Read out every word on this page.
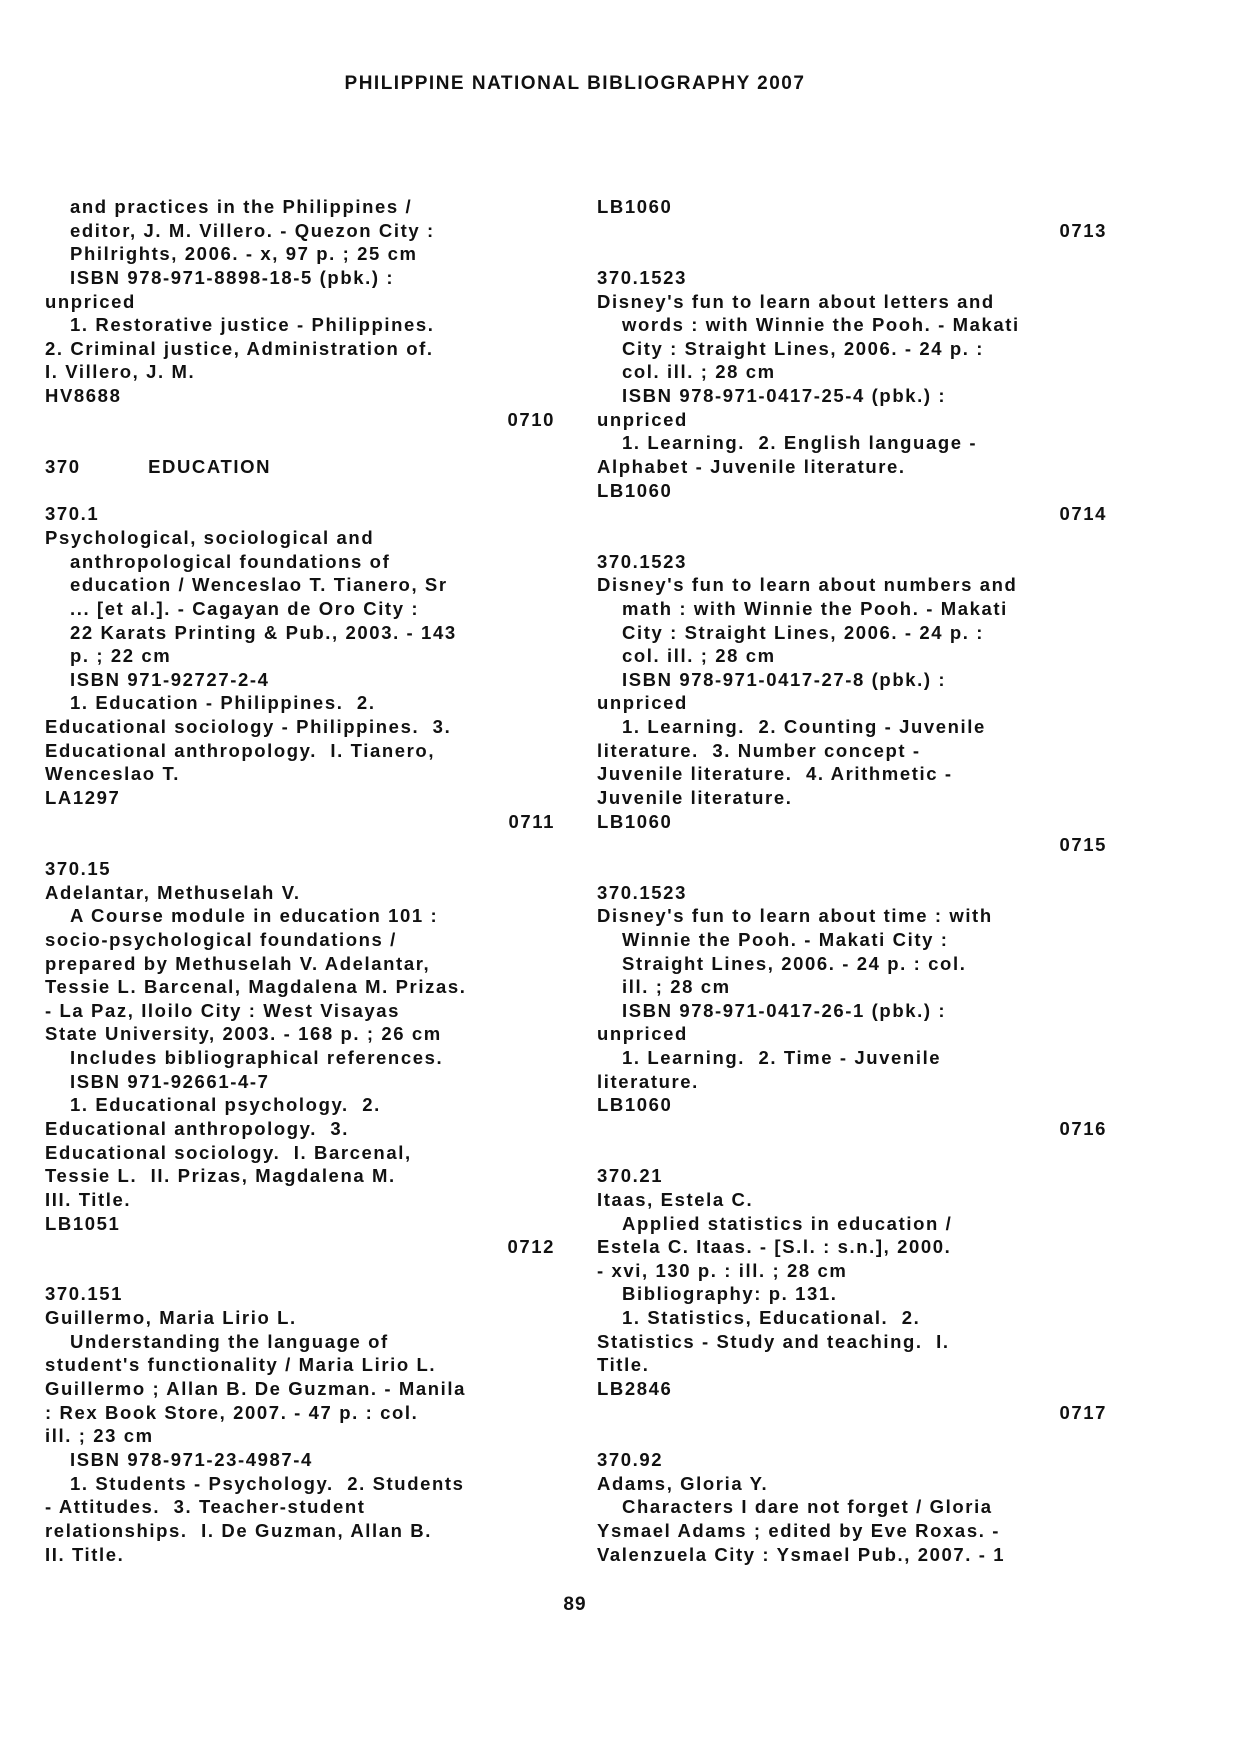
PHILIPPINE NATIONAL BIBLIOGRAPHY 2007
and practices in the Philippines /
editor, J. M. Villero. - Quezon City :
Philrights, 2006. - x, 97 p. ; 25 cm
ISBN 978-971-8898-18-5 (pbk.) :
unpriced
1. Restorative justice - Philippines.
2. Criminal justice, Administration of.
I. Villero, J. M.
HV8688
0710
370          EDUCATION
370.1
Psychological, sociological and
anthropological foundations of
education / Wenceslao T. Tianero, Sr
... [et al.]. - Cagayan de Oro City :
22 Karats Printing & Pub., 2003. - 143
p. ; 22 cm
ISBN 971-92727-2-4
1. Education - Philippines.  2.
Educational sociology - Philippines.  3.
Educational anthropology.  I. Tianero,
Wenceslao T.
LA1297
0711
370.15
Adelantar, Methuselah V.
A Course module in education 101 :
socio-psychological foundations /
prepared by Methuselah V. Adelantar,
Tessie L. Barcenal, Magdalena M. Prizas.
- La Paz, Iloilo City : West Visayas
State University, 2003. - 168 p. ; 26 cm
Includes bibliographical references.
ISBN 971-92661-4-7
1. Educational psychology.  2.
Educational anthropology.  3.
Educational sociology.  I. Barcenal,
Tessie L.  II. Prizas, Magdalena M.
III. Title.
LB1051
0712
370.151
Guillermo, Maria Lirio L.
Understanding the language of
student's functionality / Maria Lirio L.
Guillermo ; Allan B. De Guzman. - Manila
: Rex Book Store, 2007. - 47 p. : col.
ill. ; 23 cm
ISBN 978-971-23-4987-4
1. Students - Psychology.  2. Students
- Attitudes.  3. Teacher-student
relationships.  I. De Guzman, Allan B.
II. Title.
LB1060
0713
370.1523
Disney's fun to learn about letters and
words : with Winnie the Pooh. - Makati
City : Straight Lines, 2006. - 24 p. :
col. ill. ; 28 cm
ISBN 978-971-0417-25-4 (pbk.) :
unpriced
1. Learning.  2. English language -
Alphabet - Juvenile literature.
LB1060
0714
370.1523
Disney's fun to learn about numbers and
math : with Winnie the Pooh. - Makati
City : Straight Lines, 2006. - 24 p. :
col. ill. ; 28 cm
ISBN 978-971-0417-27-8 (pbk.) :
unpriced
1. Learning.  2. Counting - Juvenile
literature.  3. Number concept -
Juvenile literature.  4. Arithmetic -
Juvenile literature.
LB1060
0715
370.1523
Disney's fun to learn about time : with
Winnie the Pooh. - Makati City :
Straight Lines, 2006. - 24 p. : col.
ill. ; 28 cm
ISBN 978-971-0417-26-1 (pbk.) :
unpriced
1. Learning.  2. Time - Juvenile
literature.
LB1060
0716
370.21
Itaas, Estela C.
Applied statistics in education /
Estela C. Itaas. - [S.l. : s.n.], 2000.
- xvi, 130 p. : ill. ; 28 cm
Bibliography: p. 131.
1. Statistics, Educational.  2.
Statistics - Study and teaching.  I.
Title.
LB2846
0717
370.92
Adams, Gloria Y.
Characters I dare not forget / Gloria
Ysmael Adams ; edited by Eve Roxas. -
Valenzuela City : Ysmael Pub., 2007. - 1
89
